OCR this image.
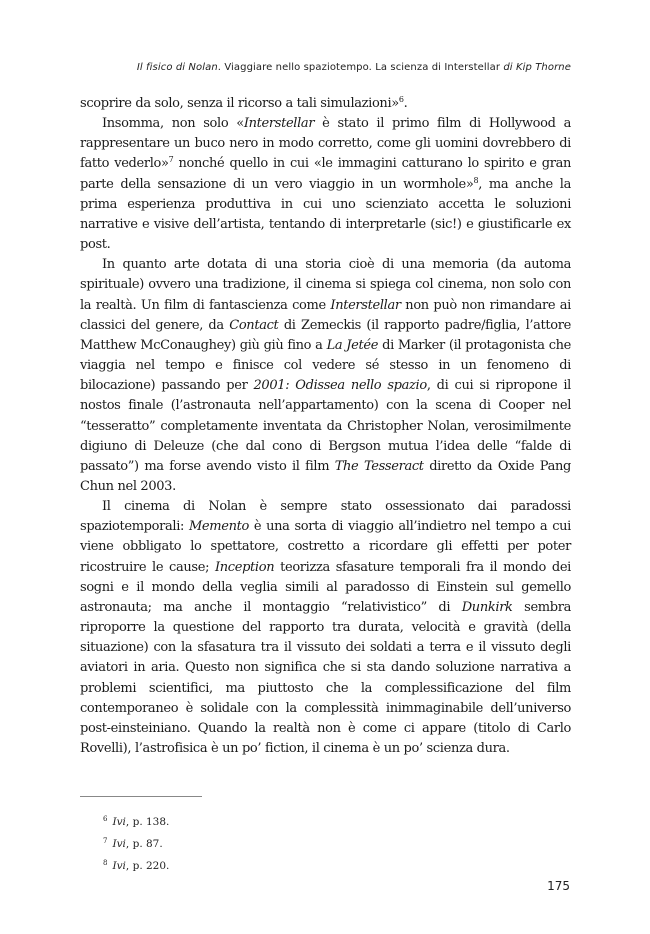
Il fisico di Nolan. Viaggiare nello spaziotempo. La scienza di Interstellar di Kip Thorne

scoprire da solo, senza il ricorso a tali simulazioni»$^6$.

Insomma, non solo «Interstellar è stato il primo film di Hollywood a rappresentare un buco nero in modo corretto, come gli uomini dovrebbero di fatto vederlo»$^7$ nonché quello in cui «le immagini catturano lo spirito e gran parte della sensazione di un vero viaggio in un wormhole»$^8$, ma anche la prima esperienza produttiva in cui uno scienziato accetta le soluzioni narrative e visive dell’artista, tentando di interpretarle (sic!) e giustificarle ex post.

In quanto arte dotata di una storia cioè di una memoria (da automa spirituale) ovvero una tradizione, il cinema si spiega col cinema, non solo con la realtà. Un film di fantascienza come Interstellar non può non rimandare ai classici del genere, da Contact di Zemeckis (il rapporto padre/figlia, l’attore Matthew McConaughey) giù giù fino a La Jetée di Marker (il protagonista che viaggia nel tempo e finisce col vedere sé stesso in un fenomeno di bilocazione) passando per 2001: Odissea nello spazio, di cui si ripropone il nostos finale (l’astronauta nell’appartamento) con la scena di Cooper nel “tesseratto” completamente inventata da Christopher Nolan, verosimilmente digiuno di Deleuze (che dal cono di Bergson mutua l’idea delle “falde di passato”) ma forse avendo visto il film The Tesseract diretto da Oxide Pang Chun nel 2003.

Il cinema di Nolan è sempre stato ossessionato dai paradossi spaziotemporali: Memento è una sorta di viaggio all’indietro nel tempo a cui viene obbligato lo spettatore, costretto a ricordare gli effetti per poter ricostruire le cause; Inception teorizza sfasature temporali fra il mondo dei sogni e il mondo della veglia simili al paradosso di Einstein sul gemello astronauta; ma anche il montaggio “relativistico” di Dunkirk sembra riproporre la questione del rapporto tra durata, velocità e gravità (della situazione) con la sfasatura tra il vissuto dei soldati a terra e il vissuto degli aviatori in aria. Questo non significa che si sta dando soluzione narrativa a problemi scientifici, ma piuttosto che la complessificazione del film contemporaneo è solidale con la complessità inimmaginabile dell’universo post-einsteiniano. Quando la realtà non è come ci appare (titolo di Carlo Rovelli), l’astrofisica è un po’ fiction, il cinema è un po’ scienza dura.

$^6$ Ivi, p. 138.
$^7$ Ivi, p. 87.
$^8$ Ivi, p. 220.
175
